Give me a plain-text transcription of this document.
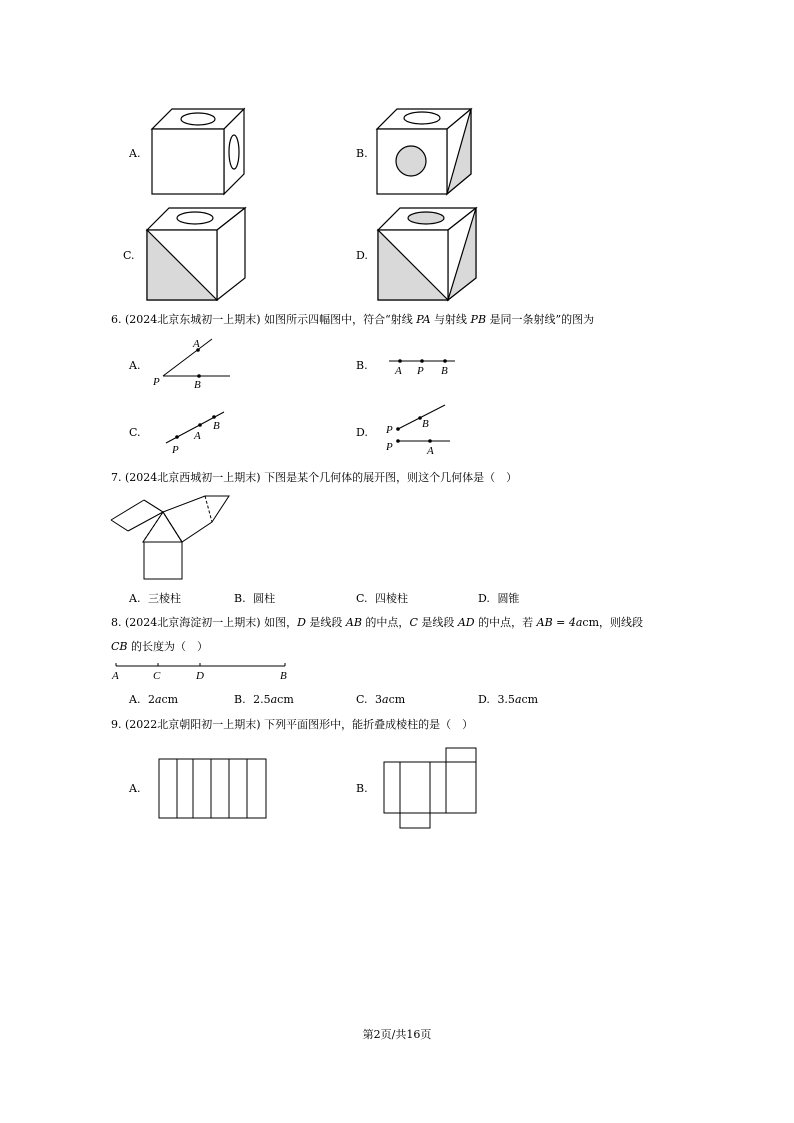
A.	B.
C.	D.
6. (2024北京东城初一上期末) 如图所示四幅图中，符合“射线 PA 与射线 PB 是同一条射线”的图为
A.
A
P	B
B. A P B
C.
P
A
B	D. P	B
P	A
7. (2024北京西城初一上期末) 下图是某个几何体的展开图，则这个几何体是（　）
A. 三棱柱	B. 圆柱	C. 四棱柱	D. 圆锥
8. (2024北京海淀初一上期末) 如图，D 是线段 AB 的中点，C 是线段 AD 的中点，若 AB = 4acm，则线段
CB 的长度为（　）
A	C	D	B
A. 2acm	B. 2.5acm	C. 3acm	D. 3.5acm
9. (2022北京朝阳初一上期末) 下列平面图形中，能折叠成棱柱的是（　）
A.	B.
第2页/共16页
